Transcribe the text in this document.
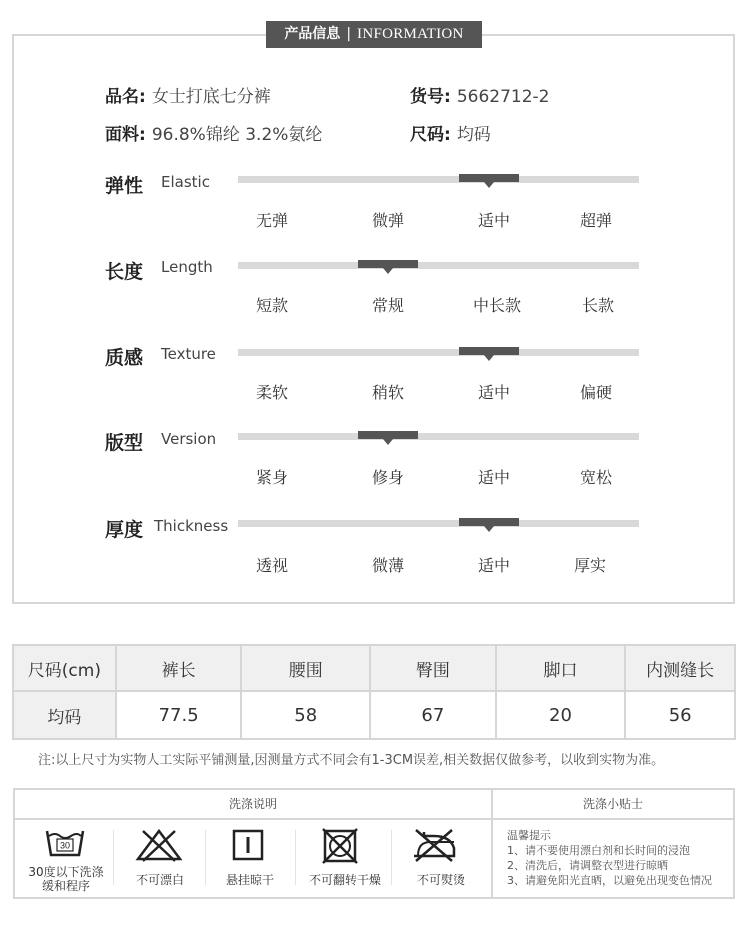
产品信息 | INFORMATION
品名: 女士打底七分裤	货号: 5662712-2
面料: 96.8%锦纶 3.2%氨纶	尺码: 均码
弹性 Elastic
无弹	微弹	适中	超弹
长度 Length
短款	常规	中长款	长款
质感 Texture
柔软	稍软	适中	偏硬
版型 Version
紧身	修身	适中	宽松
厚度 Thickness
透视	微薄	适中	厚实
尺码(cm)	裤长	腰围	臀围	脚口	内测缝长
均码	77.5	58	67	20	56
注:以上尺寸为实物人工实际平铺测量,因测量方式不同会有1-3CM误差,相关数据仅做参考，以收到实物为准。
洗涤说明	洗涤小贴士
30
30度以下洗涤
缓和程序	不可漂白	悬挂晾干	不可翻转干燥	不可熨烫
温馨提示
1、请不要使用漂白剂和长时间的浸泡
2、清洗后，请调整衣型进行晾晒
3、请避免阳光直晒，以避免出现变色情况
